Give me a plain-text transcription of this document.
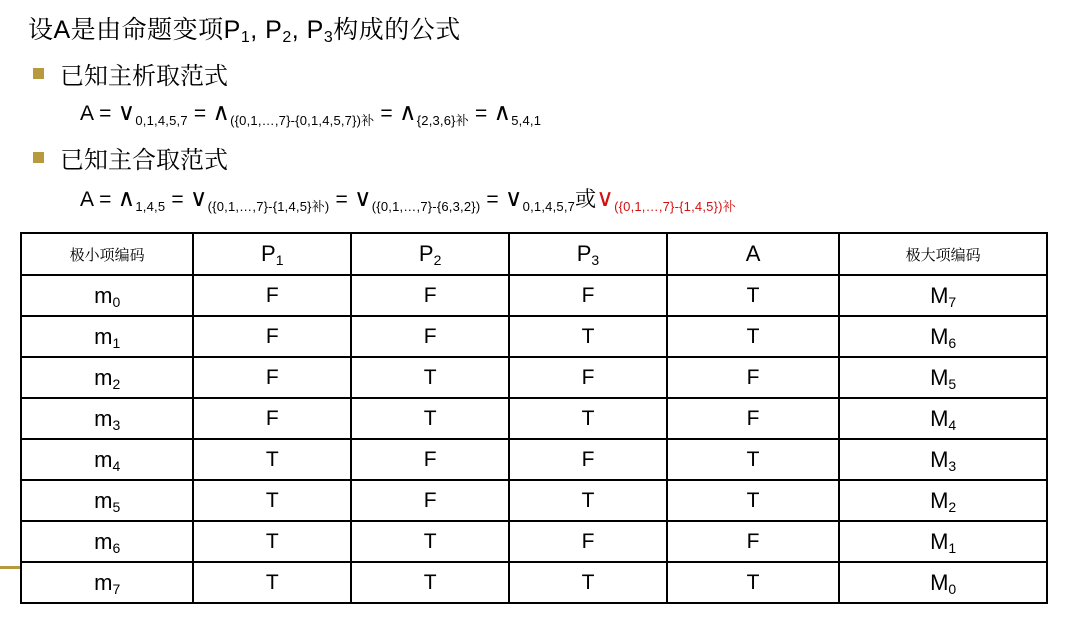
设A是由命题变项$P_1$, $P_2$, $P_3$构成的公式
已知主析取范式
$A = \vee_{0,1,4,5,7}$ = $\wedge_{(\{0,1,\dots,7\}-\{0,1,4,5,7\})补}$ = $\wedge_{\{2,3,6\}补}$ = $\wedge_{5,4,1}$
已知主合取范式
$A = \wedge_{1,4,5}$ = $\vee_{(\{0,1,\dots,7\}-\{1,4,5\}补)}$ = $\vee_{(\{0,1,\dots,7\}-\{6,3,2\})}$ = $\vee_{0,1,4,5,7}$或$\vee_{(\{0,1,\dots,7\}-\{1,4,5\})补}$
极小项编码	$P_1$	$P_2$	$P_3$	A	极大项编码
$m_0$	F	F	F	T	$M_7$
$m_1$	F	F	T	T	$M_6$
$m_2$	F	T	F	F	$M_5$
$m_3$	F	T	T	F	$M_4$
$m_4$	T	F	F	T	$M_3$
$m_5$	T	F	T	T	$M_2$
$m_6$	T	T	F	F	$M_1$
$m_7$	T	T	T	T	$M_0$
